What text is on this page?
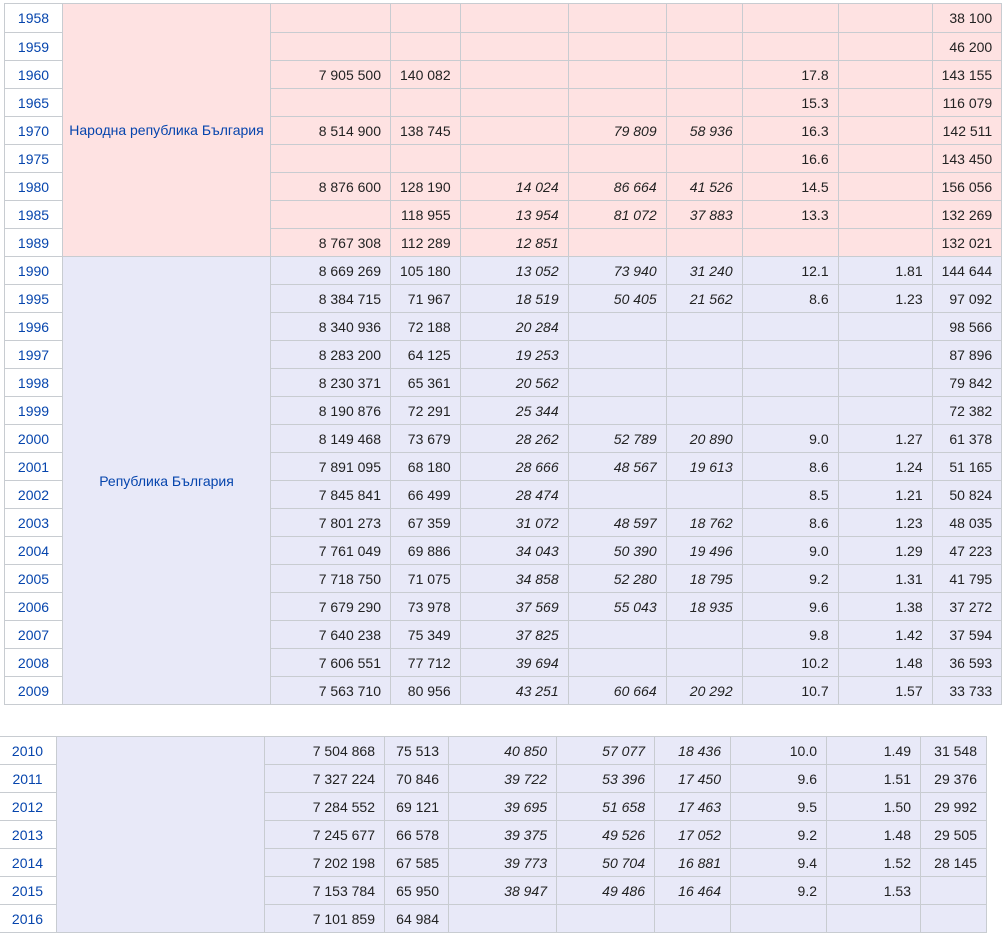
1958	Народна република България								38 100
1959									46 200
1960		7 905 500	140 082				17.8		143 155
1965							15.3		116 079
1970		8 514 900	138 745		79 809	58 936	16.3		142 511
1975							16.6		143 450
1980		8 876 600	128 190	14 024	86 664	41 526	14.5		156 056
1985			118 955	13 954	81 072	37 883	13.3		132 269
1989		8 767 308	112 289	12 851					132 021
1990	Република България	8 669 269	105 180	13 052	73 940	31 240	12.1	1.81	144 644
1995		8 384 715	71 967	18 519	50 405	21 562	8.6	1.23	97 092
1996		8 340 936	72 188	20 284					98 566
1997		8 283 200	64 125	19 253					87 896
1998		8 230 371	65 361	20 562					79 842
1999		8 190 876	72 291	25 344					72 382
2000		8 149 468	73 679	28 262	52 789	20 890	9.0	1.27	61 378
2001		7 891 095	68 180	28 666	48 567	19 613	8.6	1.24	51 165
2002		7 845 841	66 499	28 474			8.5	1.21	50 824
2003		7 801 273	67 359	31 072	48 597	18 762	8.6	1.23	48 035
2004		7 761 049	69 886	34 043	50 390	19 496	9.0	1.29	47 223
2005		7 718 750	71 075	34 858	52 280	18 795	9.2	1.31	41 795
2006		7 679 290	73 978	37 569	55 043	18 935	9.6	1.38	37 272
2007		7 640 238	75 349	37 825			9.8	1.42	37 594
2008		7 606 551	77 712	39 694			10.2	1.48	36 593
2009		7 563 710	80 956	43 251	60 664	20 292	10.7	1.57	33 733
2010		7 504 868	75 513	40 850	57 077	18 436	10.0	1.49	31 548
2011		7 327 224	70 846	39 722	53 396	17 450	9.6	1.51	29 376
2012		7 284 552	69 121	39 695	51 658	17 463	9.5	1.50	29 992
2013		7 245 677	66 578	39 375	49 526	17 052	9.2	1.48	29 505
2014		7 202 198	67 585	39 773	50 704	16 881	9.4	1.52	28 145
2015		7 153 784	65 950	38 947	49 486	16 464	9.2	1.53	
2016		7 101 859	64 984						
